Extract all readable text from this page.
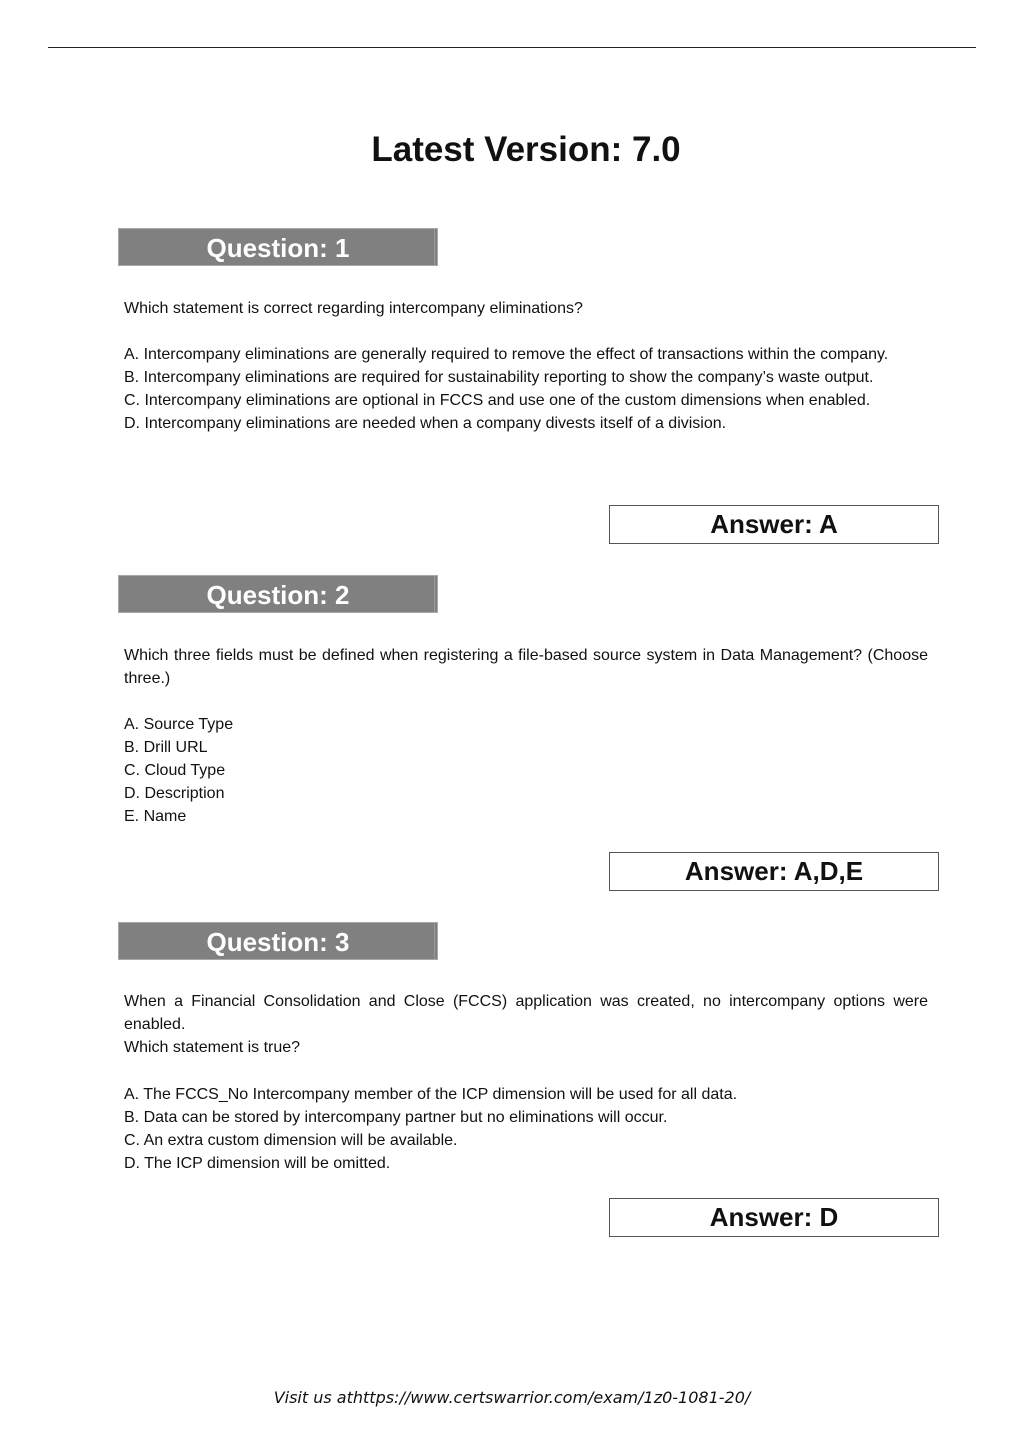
Latest Version: 7.0
Question: 1

Which statement is correct regarding intercompany eliminations?

A. Intercompany eliminations are generally required to remove the effect of transactions within the company.
B. Intercompany eliminations are required for sustainability reporting to show the company’s waste output.
C. Intercompany eliminations are optional in FCCS and use one of the custom dimensions when enabled.
D. Intercompany eliminations are needed when a company divests itself of a division.
Answer: A
Question: 2

Which three fields must be defined when registering a file-based source system in Data Management? (Choose three.)

A. Source Type
B. Drill URL
C. Cloud Type
D. Description
E. Name
Answer: A,D,E
Question: 3

When a Financial Consolidation and Close (FCCS) application was created, no intercompany options were enabled.

Which statement is true?

A. The FCCS_No Intercompany member of the ICP dimension will be used for all data.
B. Data can be stored by intercompany partner but no eliminations will occur.
C. An extra custom dimension will be available.
D. The ICP dimension will be omitted.
Answer: D
Visit us athttps://www.certswarrior.com/exam/1z0-1081-20/
